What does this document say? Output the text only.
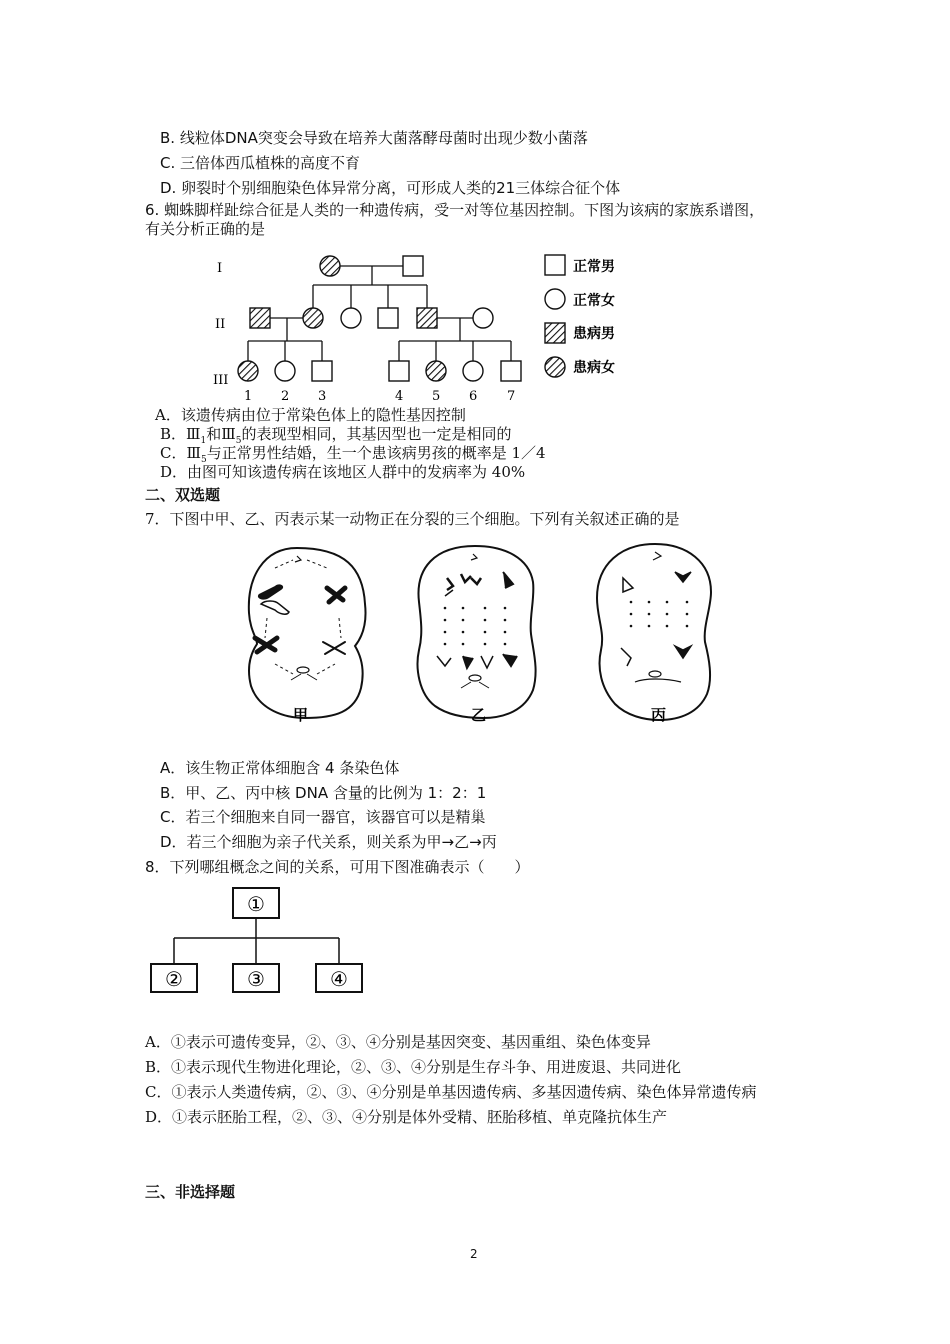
B. 线粒体DNA突变会导致在培养大菌落酵母菌时出现少数小菌落
C. 三倍体西瓜植株的高度不育
D. 卵裂时个别细胞染色体异常分离，可形成人类的21三体综合征个体
6. 蜘蛛脚样趾综合征是人类的一种遗传病，受一对等位基因控制。下图为该病的家族系谱图，
有关分析正确的是
I
II
III
1 2 3	4 5 6 7
正常男
正常女
患病男
患病女
A．该遗传病由位于常染色体上的隐性基因控制
B．$Ⅲ_1$和$Ⅲ_5$的表现型相同，其基因型也一定是相同的
C．$Ⅲ_5$与正常男性结婚，生一个患该病男孩的概率是 1／4
D．由图可知该遗传病在该地区人群中的发病率为 40%
二、双选题
7．下图中甲、乙、丙表示某一动物正在分裂的三个细胞。下列有关叙述正确的是
甲	乙	丙
A．该生物正常体细胞含 4 条染色体
B．甲、乙、丙中核 DNA 含量的比例为 1：2：1
C．若三个细胞来自同一器官，该器官可以是精巢
D．若三个细胞为亲子代关系，则关系为甲→乙→丙
8．下列哪组概念之间的关系，可用下图准确表示（　　）
①
②	③	④
A．①表示可遗传变异，②、③、④分别是基因突变、基因重组、染色体变异
B．①表示现代生物进化理论，②、③、④分别是生存斗争、用进废退、共同进化
C．①表示人类遗传病，②、③、④分别是单基因遗传病、多基因遗传病、染色体异常遗传病
D．①表示胚胎工程，②、③、④分别是体外受精、胚胎移植、单克隆抗体生产
三、非选择题
2
